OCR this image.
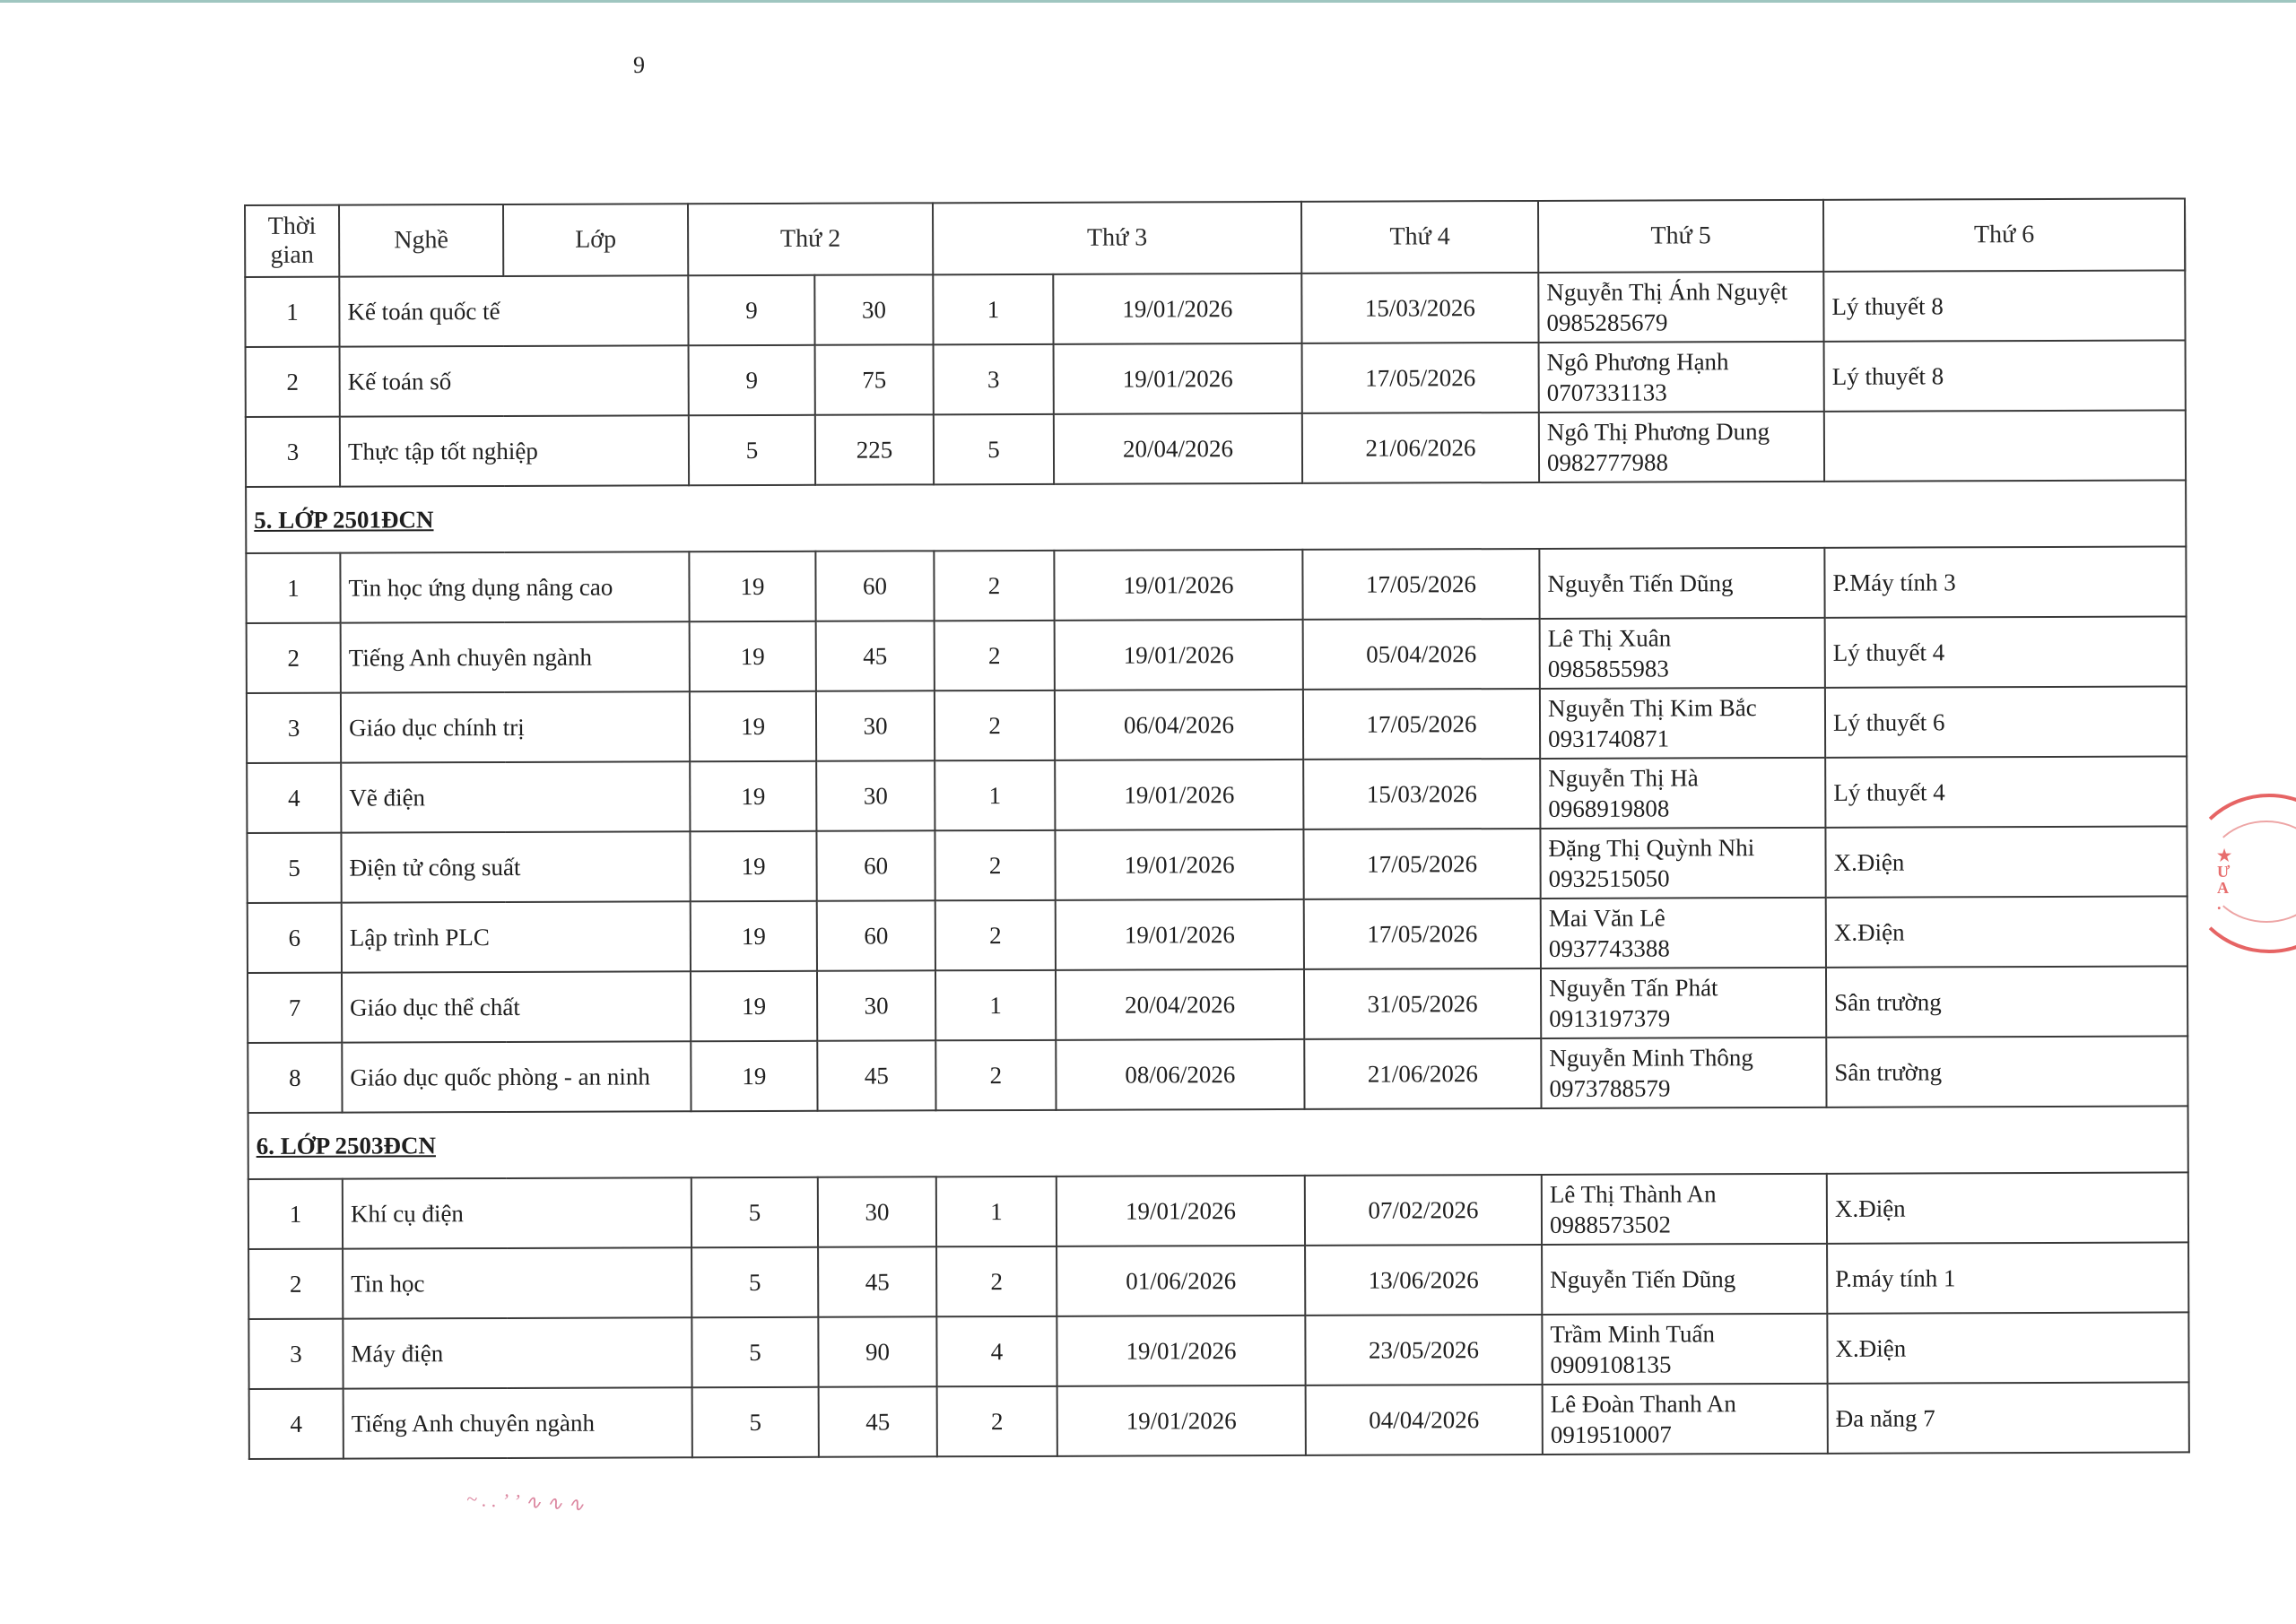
9
Thời gian	Nghề	Lớp	Thứ 2		Thứ 3		Thứ 4	Thứ 5	Thứ 6	
1	Kế toán quốc tế		9	30	1	19/01/2026	15/03/2026	Nguyễn Thị Ánh Nguyệt
0985285679	Lý thuyết 8	
2	Kế toán số		9	75	3	19/01/2026	17/05/2026	Ngô Phương Hạnh
0707331133	Lý thuyết 8	
3	Thực tập tốt nghiệp		5	225	5	20/04/2026	21/06/2026	Ngô Thị Phương Dung
0982777988		

5. LỚP 2501ĐCN										
1	Tin học ứng dụng nâng cao		19	60	2	19/01/2026	17/05/2026	Nguyễn Tiến Dũng	P.Máy tính 3	
2	Tiếng Anh chuyên ngành		19	45	2	19/01/2026	05/04/2026	Lê Thị Xuân
0985855983	Lý thuyết 4	
3	Giáo dục chính trị		19	30	2	06/04/2026	17/05/2026	Nguyễn Thị Kim Bắc
0931740871	Lý thuyết 6	
4	Vẽ điện		19	30	1	19/01/2026	15/03/2026	Nguyễn Thị Hà
0968919808	Lý thuyết 4	
5	Điện tử công suất		19	60	2	19/01/2026	17/05/2026	Đặng Thị Quỳnh Nhi
0932515050	X.Điện	
6	Lập trình PLC		19	60	2	19/01/2026	17/05/2026	Mai Văn Lê
0937743388	X.Điện	
7	Giáo dục thể chất		19	30	1	20/04/2026	31/05/2026	Nguyễn Tấn Phát
0913197379	Sân trường	
8	Giáo dục quốc phòng - an ninh		19	45	2	08/06/2026	21/06/2026	Nguyễn Minh Thông
0973788579	Sân trường	
6. LỚP 2503ĐCN										
1	Khí cụ điện		5	30	1	19/01/2026	07/02/2026	Lê Thị Thành An
0988573502	X.Điện	
2	Tin học		5	45	2	01/06/2026	13/06/2026	Nguyễn Tiến Dũng	P.máy tính 1	
3	Máy điện		5	90	4	19/01/2026	23/05/2026	Trầm Minh Tuấn
0909108135	X.Điện	
4	Tiếng Anh chuyên ngành		5	45	2	19/01/2026	04/04/2026	Lê Đoàn Thanh An
0919510007	Đa năng 7	
★
Ư
A
.
~ . . ʼ ʼ ∿ ∿ ∿
